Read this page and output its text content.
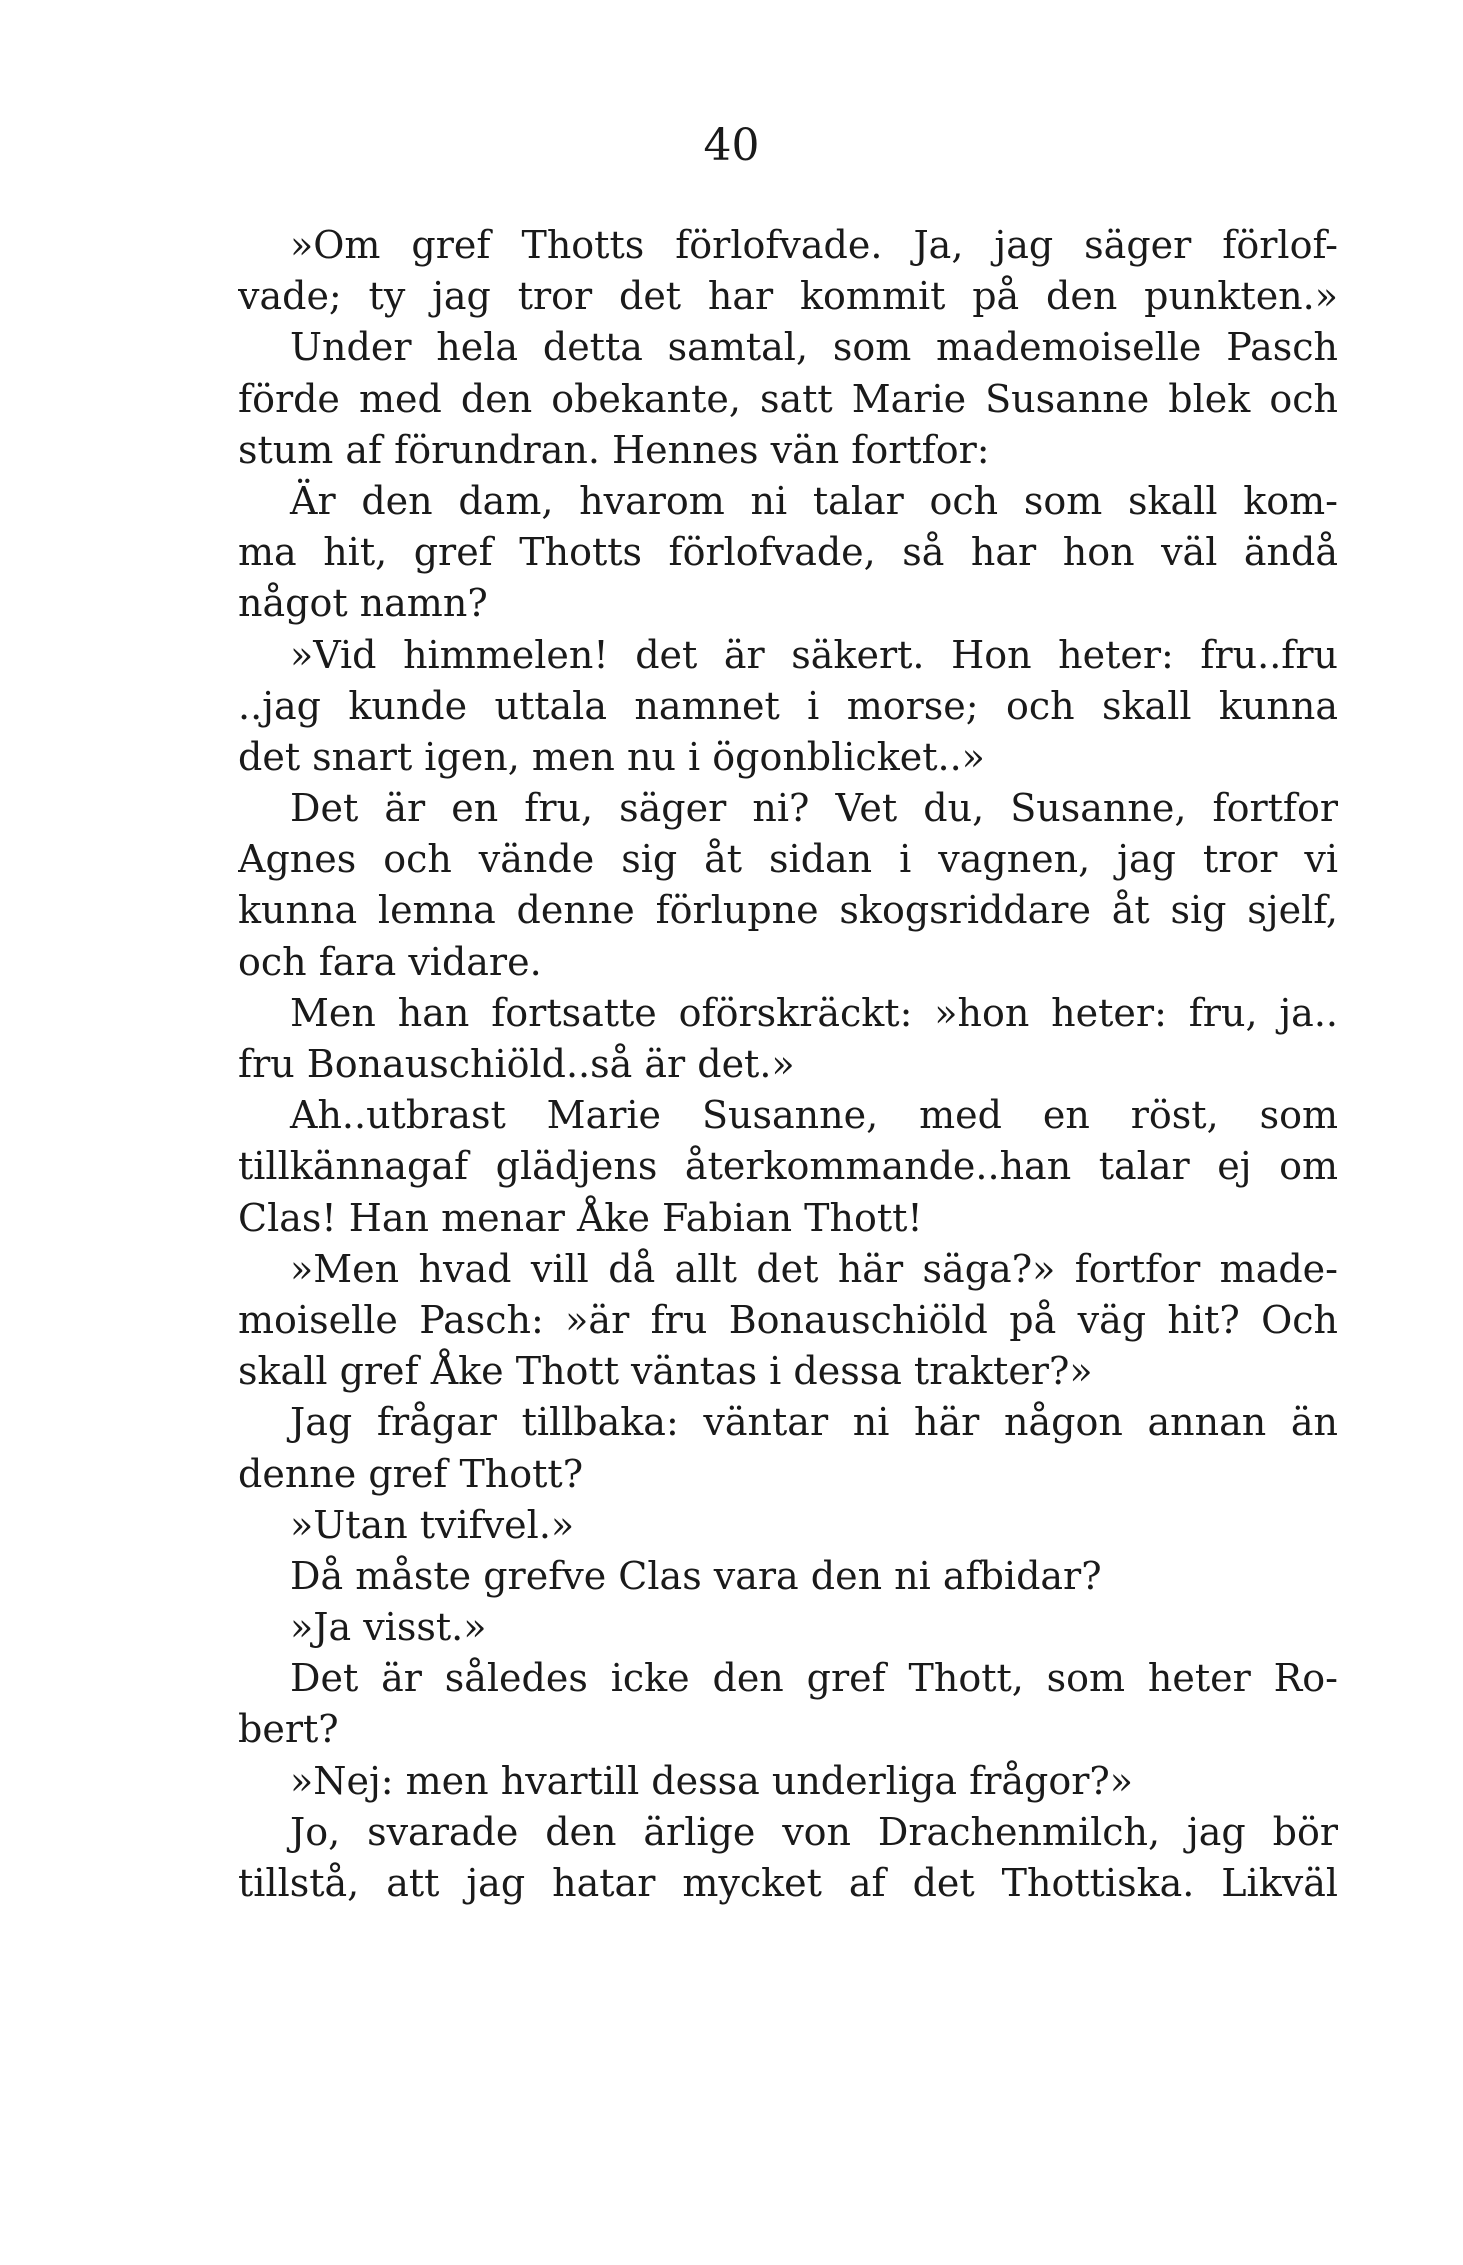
40
»Om gref Thotts förlofvade. Ja, jag säger förlof-
vade; ty jag tror det har kommit på den punkten.»
Under hela detta samtal, som mademoiselle Pasch
förde med den obekante, satt Marie Susanne blek och
stum af förundran. Hennes vän fortfor:
Är den dam, hvarom ni talar och som skall kom-
ma hit, gref Thotts förlofvade, så har hon väl ändå
något namn?
»Vid himmelen! det är säkert. Hon heter: fru..fru
..jag kunde uttala namnet i morse; och skall kunna
det snart igen, men nu i ögonblicket..»
Det är en fru, säger ni? Vet du, Susanne, fortfor
Agnes och vände sig åt sidan i vagnen, jag tror vi
kunna lemna denne förlupne skogsriddare åt sig sjelf,
och fara vidare.
Men han fortsatte oförskräckt: »hon heter: fru, ja..
fru Bonauschiöld..så är det.»
Ah..utbrast Marie Susanne, med en röst, som
tillkännagaf glädjens återkommande..han talar ej om
Clas! Han menar Åke Fabian Thott!
»Men hvad vill då allt det här säga?» fortfor made-
moiselle Pasch: »är fru Bonauschiöld på väg hit? Och
skall gref Åke Thott väntas i dessa trakter?»
Jag frågar tillbaka: väntar ni här någon annan än
denne gref Thott?
»Utan tvifvel.»
Då måste grefve Clas vara den ni afbidar?
»Ja visst.»
Det är således icke den gref Thott, som heter Ro-
bert?
»Nej: men hvartill dessa underliga frågor?»
Jo, svarade den ärlige von Drachenmilch, jag bör
tillstå, att jag hatar mycket af det Thottiska. Likväl
